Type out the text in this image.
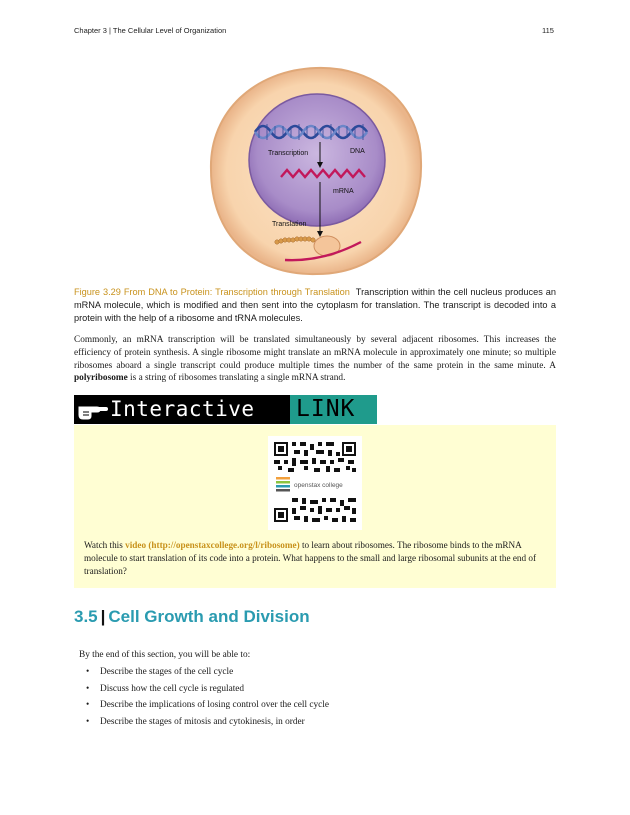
Chapter 3 | The Cellular Level of Organization	115
DNA
Transcription
mRNA
Translation
Figure 3.29 From DNA to Protein: Transcription through Translation Transcription within the cell nucleus produces an mRNA molecule, which is modified and then sent into the cytoplasm for translation. The transcript is decoded into a protein with the help of a ribosome and tRNA molecules.
Commonly, an mRNA transcription will be translated simultaneously by several adjacent ribosomes. This increases the efficiency of protein synthesis. A single ribosome might translate an mRNA molecule in approximately one minute; so multiple ribosomes aboard a single transcript could produce multiple times the number of the same protein in the same minute. A polyribosome is a string of ribosomes translating a single mRNA strand.
Interactive LINK
openstax college
Watch this video (http://openstaxcollege.org/l/ribosome) to learn about ribosomes. The ribosome binds to the mRNA molecule to start translation of its code into a protein. What happens to the small and large ribosomal subunits at the end of translation?
3.5 | Cell Growth and Division
By the end of this section, you will be able to:
• Describe the stages of the cell cycle
• Discuss how the cell cycle is regulated
• Describe the implications of losing control over the cell cycle
• Describe the stages of mitosis and cytokinesis, in order
